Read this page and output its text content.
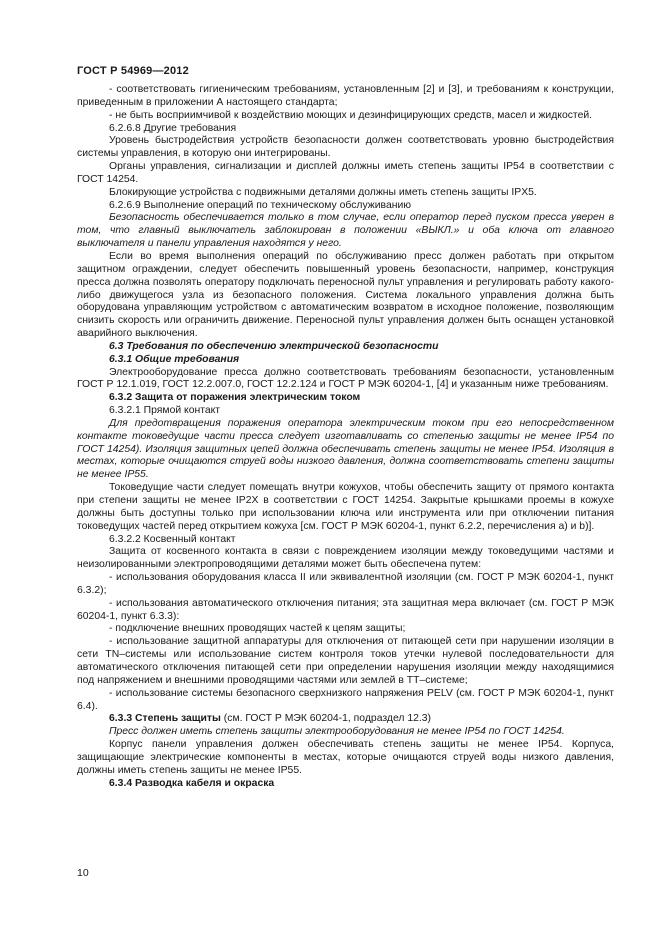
ГОСТ Р 54969—2012

- соответствовать гигиеническим требованиям, установленным [2] и [3], и требованиям к конструкции, приведенным в приложении А настоящего стандарта;

- не быть восприимчивой к воздействию моющих и дезинфицирующих средств, масел и жидкостей.

6.2.6.8 Другие требования

Уровень быстродействия устройств безопасности должен соответствовать уровню быстродействия системы управления, в которую они интегрированы.

Органы управления, сигнализации и дисплей должны иметь степень защиты IP54 в соответствии с ГОСТ 14254.

Блокирующие устройства с подвижными деталями должны иметь степень защиты IPX5.

6.2.6.9 Выполнение операций по техническому обслуживанию

Безопасность обеспечивается только в том случае, если оператор перед пуском пресса уверен в том, что главный выключатель заблокирован в положении «ВЫКЛ.» и оба ключа от главного выключателя и панели управления находятся у него.

Если во время выполнения операций по обслуживанию пресс должен работать при открытом защитном ограждении, следует обеспечить повышенный уровень безопасности, например, конструкция пресса должна позволять оператору подключать переносной пульт управления и регулировать работу какого-либо движущегося узла из безопасного положения. Система локального управления должна быть оборудована управляющим устройством с автоматическим возвратом в исходное положение, позволяющим снизить скорость или ограничить движение. Переносной пульт управления должен быть оснащен установкой аварийного выключения.

6.3 Требования по обеспечению электрической безопасности

6.3.1 Общие требования

Электрооборудование пресса должно соответствовать требованиям безопасности, установленным ГОСТ Р 12.1.019, ГОСТ 12.2.007.0, ГОСТ 12.2.124 и ГОСТ Р МЭК 60204-1, [4] и указанным ниже требованиям.

6.3.2 Защита от поражения электрическим током

6.3.2.1 Прямой контакт

Для предотвращения поражения оператора электрическим током при его непосредственном контакте токоведущие части пресса следует изготавливать со степенью защиты не менее IP54 по ГОСТ 14254). Изоляция защитных цепей должна обеспечивать степень защиты не менее IP54. Изоляция в местах, которые очищаются струей воды низкого давления, должна соответствовать степени защиты не менее IP55.

Токоведущие части следует помещать внутри кожухов, чтобы обеспечить защиту от прямого контакта при степени защиты не менее IP2X в соответствии с ГОСТ 14254. Закрытые крышками проемы в кожухе должны быть доступны только при использовании ключа или инструмента или при отключении питания токоведущих частей перед открытием кожуха [см. ГОСТ Р МЭК 60204-1, пункт 6.2.2, перечисления а) и b)].

6.3.2.2 Косвенный контакт

Защита от косвенного контакта в связи с повреждением изоляции между токоведущими частями и неизолированными электропроводящими деталями может быть обеспечена путем:

- использования оборудования класса II или эквивалентной изоляции (см. ГОСТ Р МЭК 60204-1, пункт 6.3.2);

- использования автоматического отключения питания; эта защитная мера включает (см. ГОСТ Р МЭК 60204-1, пункт 6.3.3):

- подключение внешних проводящих частей к цепям защиты;

- использование защитной аппаратуры для отключения от питающей сети при нарушении изоляции в сети TN–системы или использование систем контроля токов утечки нулевой последовательности для автоматического отключения питающей сети при определении нарушения изоляции между находящимися под напряжением и внешними проводящими частями или землей в TT–системе;

- использование системы безопасного сверхнизкого напряжения PELV (см. ГОСТ Р МЭК 60204-1, пункт 6.4).

6.3.3 Степень защиты (см. ГОСТ Р МЭК 60204-1, подраздел 12.3)

Пресс должен иметь степень защиты электрооборудования не менее IP54 по ГОСТ 14254.

Корпус панели управления должен обеспечивать степень защиты не менее IP54. Корпуса, защищающие электрические компоненты в местах, которые очищаются струей воды низкого давления, должны иметь степень защиты не менее IP55.

6.3.4 Разводка кабеля и окраска

10
